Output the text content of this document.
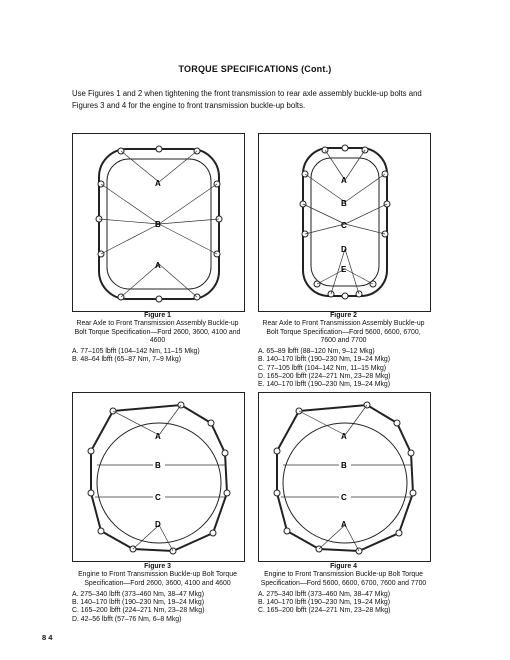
TORQUE SPECIFICATIONS (Cont.)
Use Figures 1 and 2 when tightening the front transmission to rear axle assembly buckle-up bolts and Figures 3 and 4 for the engine to front transmission buckle-up bolts.
A
B
A
A
B
C
D
E
A
B
C
D
A
B
C
A
Figure 1
Rear Axle to Front Transmission Assembly Buckle-up Bolt Torque Specification—Ford 2600, 3600, 4100 and 4600
A. 77–105 lbfft (104–142 Nm, 11–15 Mkg)
B. 48–64 lbfft (65–87 Nm, 7–9 Mkg)
Figure 2
Rear Axle to Front Transmission Assembly Buckle-up Bolt Torque Specification—Ford 5600, 6600, 6700, 7600 and 7700
A. 65–89 lbfft (88–120 Nm, 9–12 Mkg)
B. 140–170 lbfft (190–230 Nm, 19–24 Mkg)
C. 77–105 lbfft (104–142 Nm, 11–15 Mkg)
D. 165–200 lbfft (224–271 Nm, 23–28 Mkg)
E. 140–170 lbfft (190–230 Nm, 19–24 Mkg)
Figure 3
Engine to Front Transmission Buckle-up Bolt Torque Specification—Ford 2600, 3600, 4100 and 4600
A. 275–340 lbfft (373–460 Nm, 38–47 Mkg)
B. 140–170 lbfft (190–230 Nm, 19–24 Mkg)
C. 165–200 lbfft (224–271 Nm, 23–28 Mkg)
D. 42–56 lbfft (57–76 Nm, 6–8 Mkg)
Figure 4
Engine to Front Transmission Buckle-up Bolt Torque Specification—Ford 5600, 6600, 6700, 7600 and 7700
A. 275–340 lbfft (373–460 Nm, 38–47 Mkg)
B. 140–170 lbfft (190–230 Nm, 19–24 Mkg)
C. 165–200 lbfft (224–271 Nm, 23–28 Mkg)
8 4
